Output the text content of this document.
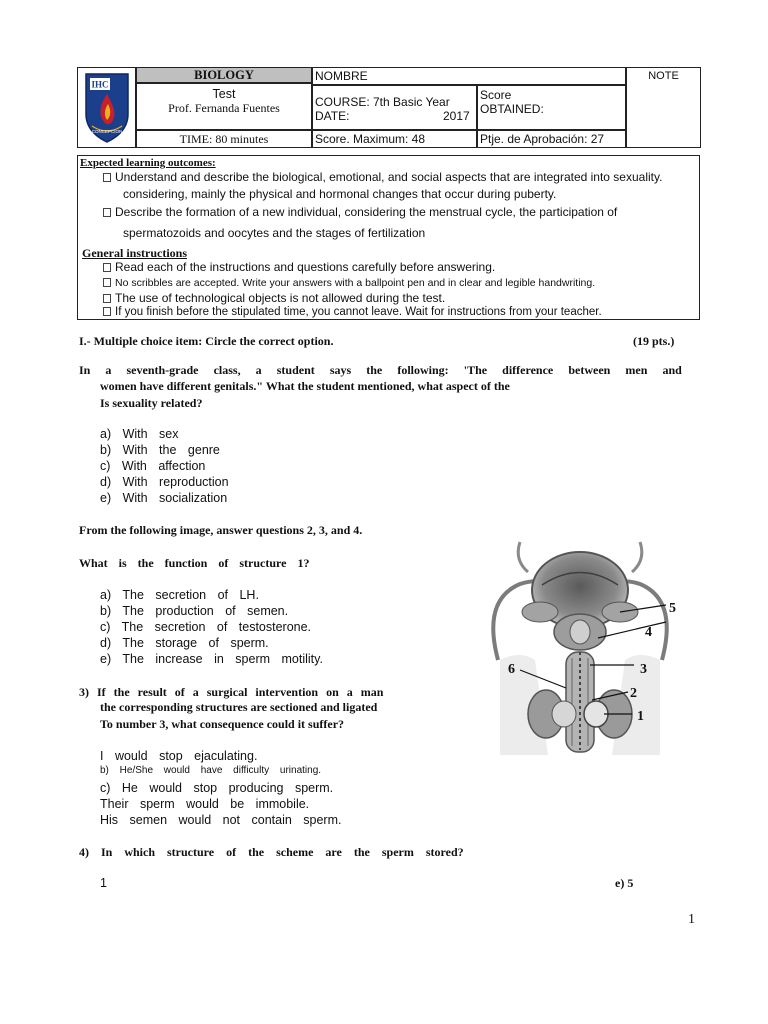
IHC
CONCEPCION
BIOLOGY
Test
Prof. Fernanda Fuentes
TIME: 80 minutes
NOMBRE
COURSE: 7th Basic Year
DATE:	2017
Score
OBTAINED:
Score. Maximum: 48	Ptje. de Aprobación: 27
NOTE
Expected learning outcomes:
Understand and describe the biological, emotional, and social aspects that are integrated into sexuality.
considering, mainly the physical and hormonal changes that occur during puberty.
Describe the formation of a new individual, considering the menstrual cycle, the participation of
spermatozoids and oocytes and the stages of fertilization
General instructions
Read each of the instructions and questions carefully before answering.
No scribbles are accepted. Write your answers with a ballpoint pen and in clear and legible handwriting.
The use of technological objects is not allowed during the test.
If you finish before the stipulated time, you cannot leave. Wait for instructions from your teacher.
I.- Multiple choice item: Circle the correct option.	(19 pts.)
In a seventh-grade class, a student says the following: 'The difference between men and
women have different genitals." What the student mentioned, what aspect of the
Is sexuality related?
a) With sex
b) With the genre
c) With affection
d) With reproduction
e) With socialization
From the following image, answer questions 2, 3, and 4.
What is the function of structure 1?
a) The secretion of LH.
b) The production of semen.
c) The secretion of testosterone.
d) The storage of sperm.
e) The increase in sperm motility.
3) If the result of a surgical intervention on a man
the corresponding structures are sectioned and ligated
To number 3, what consequence could it suffer?
I would stop ejaculating.
b) He/She would have difficulty urinating.
c) He would stop producing sperm.
Their sperm would be immobile.
His semen would not contain sperm.
4) In which structure of the scheme are the sperm stored?
1	e) 5
1
5
4
3
6
2
1
